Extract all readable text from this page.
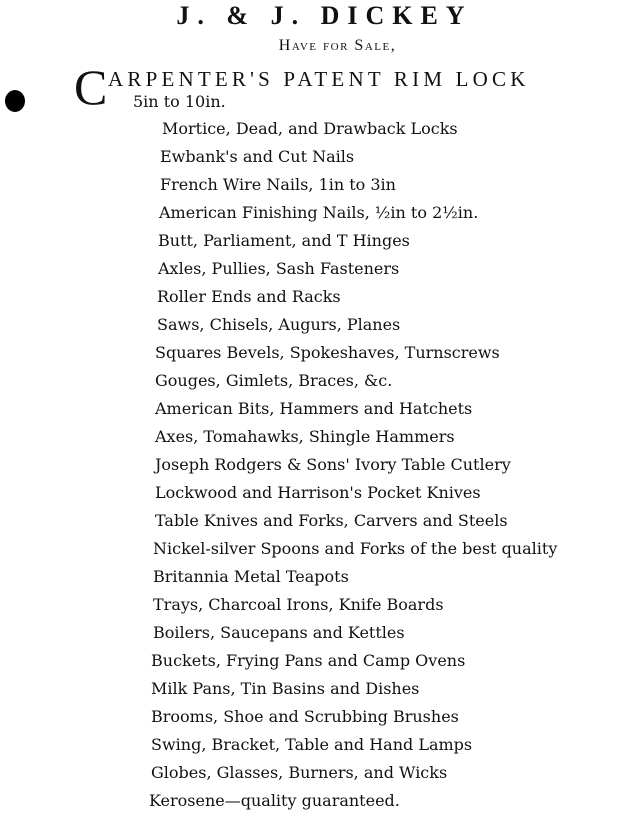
J. & J. DICKEY
Have for Sale,
C ARPENTER'S PATENT RIM LOCK
5in to 10in.
Mortice, Dead, and Drawback Locks
Ewbank's and Cut Nails
French Wire Nails, 1in to 3in
American Finishing Nails, ½in to 2½in.
Butt, Parliament, and T Hinges
Axles, Pullies, Sash Fasteners
Roller Ends and Racks
Saws, Chisels, Augurs, Planes
Squares Bevels, Spokeshaves, Turnscrews
Gouges, Gimlets, Braces, &c.
American Bits, Hammers and Hatchets
Axes, Tomahawks, Shingle Hammers
Joseph Rodgers & Sons' Ivory Table Cutlery
Lockwood and Harrison's Pocket Knives
Table Knives and Forks, Carvers and Steels
Nickel-silver Spoons and Forks of the best quality
Britannia Metal Teapots
Trays, Charcoal Irons, Knife Boards
Boilers, Saucepans and Kettles
Buckets, Frying Pans and Camp Ovens
Milk Pans, Tin Basins and Dishes
Brooms, Shoe and Scrubbing Brushes
Swing, Bracket, Table and Hand Lamps
Globes, Glasses, Burners, and Wicks
Kerosene—quality guaranteed.
